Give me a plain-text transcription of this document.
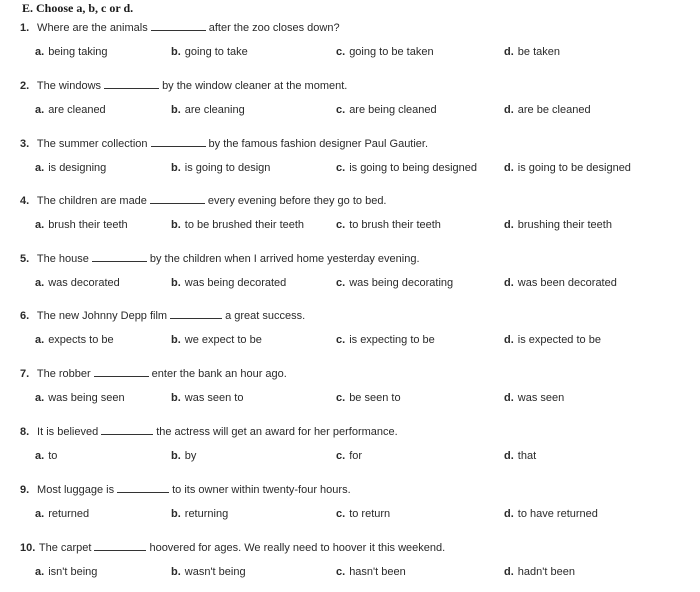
E. Choose a, b, c or d.
1. Where are the animals	after the zoo closes down?
a. being taking	b. going to take	c. going to be taken	d. be taken
2. The windows	by the window cleaner at the moment.
a. are cleaned	b. are cleaning	c. are being cleaned	d. are be cleaned
3. The summer collection	by the famous fashion designer Paul Gautier.
a. is designing	b. is going to design	c. is going to being designed d. is going to be designed
4. The children are made	every evening before they go to bed.
a. brush their teeth	b. to be brushed their teeth	c. to brush their teeth	d. brushing their teeth
5. The house	by the children when I arrived home yesterday evening.
a. was decorated	b. was being decorated	c. was being decorating	d. was been decorated
6. The new Johnny Depp film	a great success.
a. expects to be	b. we expect to be	c. is expecting to be	d. is expected to be
7. The robber	enter the bank an hour ago.
a. was being seen	b. was seen to	c. be seen to	d. was seen
8. It is believed	the actress will get an award for her performance.
a. to	b. by	c. for	d. that
9. Most luggage is	to its owner within twenty-four hours.
a. returned	b. returning	c. to return	d. to have returned
10. The carpet	hoovered for ages. We really need to hoover it this weekend.
a. isn't being	b. wasn't being	c. hasn't been	d. hadn't been
